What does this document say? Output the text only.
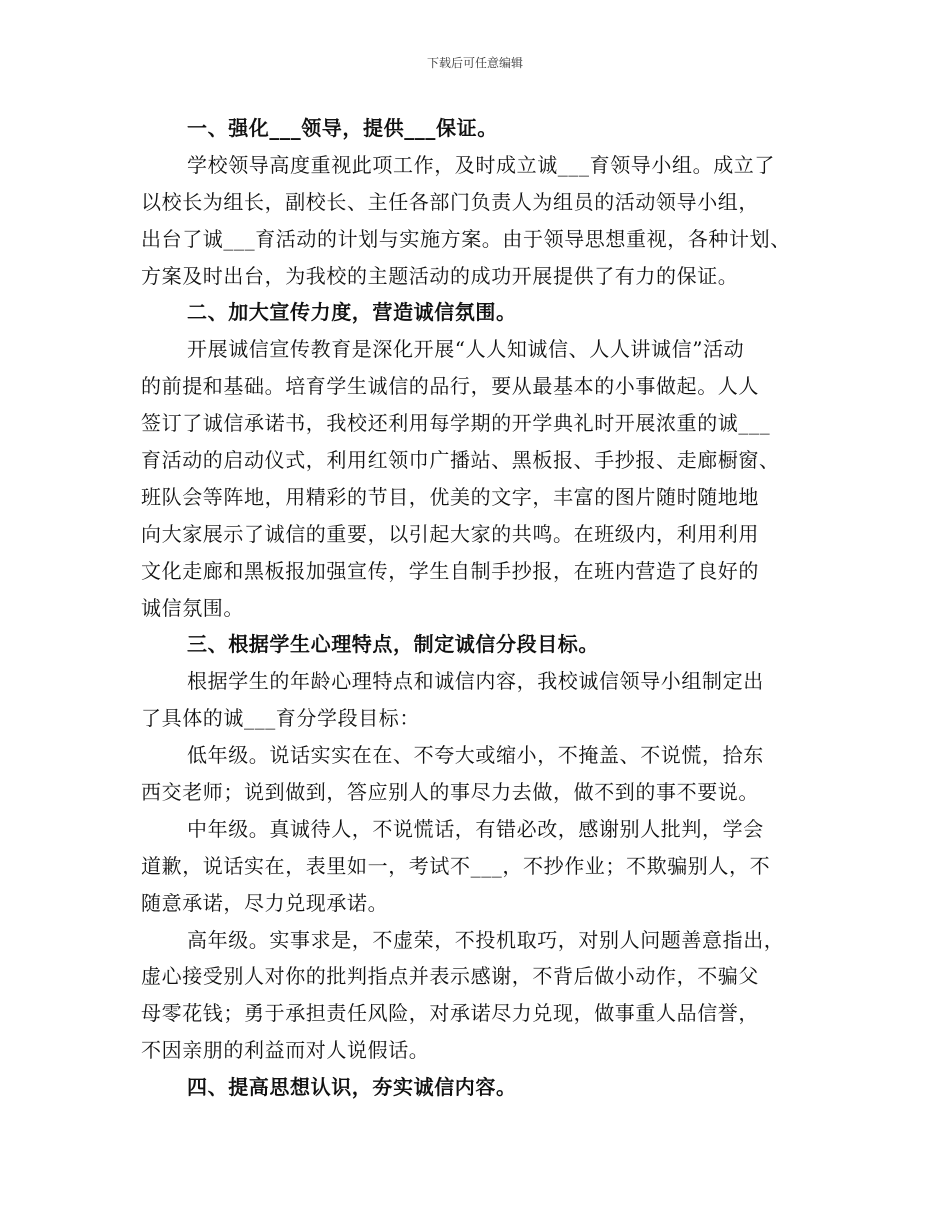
下载后可任意编辑
一、强化___领导，提供___保证。
学校领导高度重视此项工作，及时成立诚___育领导小组。成立了
以校长为组长，副校长、主任各部门负责人为组员的活动领导小组，
出台了诚___育活动的计划与实施方案。由于领导思想重视，各种计划、
方案及时出台，为我校的主题活动的成功开展提供了有力的保证。
二、加大宣传力度，营造诚信氛围。
开展诚信宣传教育是深化开展“人人知诚信、人人讲诚信”活动
的前提和基础。培育学生诚信的品行，要从最基本的小事做起。人人
签订了诚信承诺书，我校还利用每学期的开学典礼时开展浓重的诚___
育活动的启动仪式，利用红领巾广播站、黑板报、手抄报、走廊橱窗、
班队会等阵地，用精彩的节目，优美的文字，丰富的图片随时随地地
向大家展示了诚信的重要，以引起大家的共鸣。在班级内，利用利用
文化走廊和黑板报加强宣传，学生自制手抄报，在班内营造了良好的
诚信氛围。
三、根据学生心理特点，制定诚信分段目标。
根据学生的年龄心理特点和诚信内容，我校诚信领导小组制定出
了具体的诚___育分学段目标：
低年级。说话实实在在、不夸大或缩小，不掩盖、不说慌，拾东
西交老师；说到做到，答应别人的事尽力去做，做不到的事不要说。
中年级。真诚待人，不说慌话，有错必改，感谢别人批判，学会
道歉，说话实在，表里如一，考试不___，不抄作业；不欺骗别人，不
随意承诺，尽力兑现承诺。
高年级。实事求是，不虚荣，不投机取巧，对别人问题善意指出，
虚心接受别人对你的批判指点并表示感谢，不背后做小动作，不骗父
母零花钱；勇于承担责任风险，对承诺尽力兑现，做事重人品信誉，
不因亲朋的利益而对人说假话。
四、提高思想认识，夯实诚信内容。
